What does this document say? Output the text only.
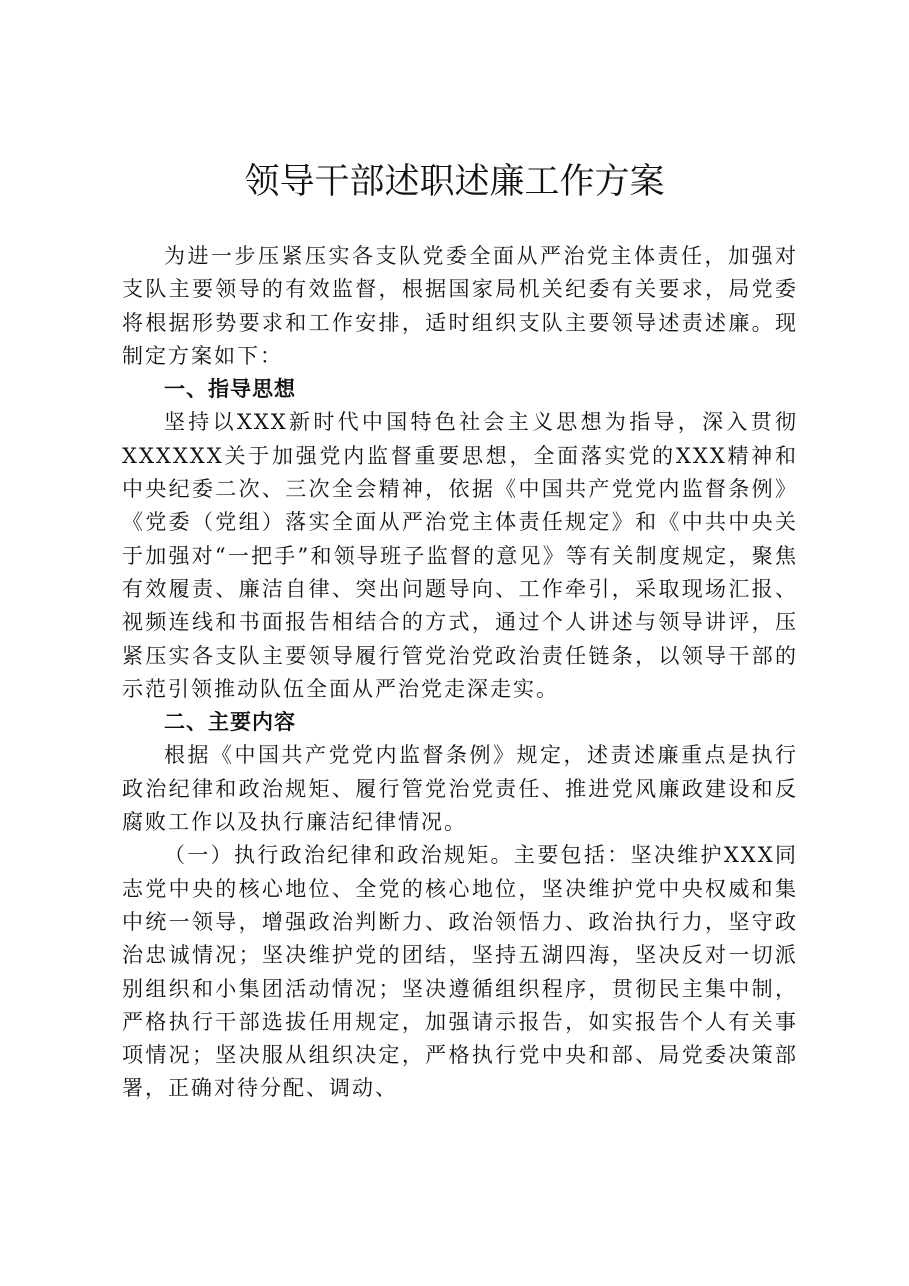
领导干部述职述廉工作方案

为进一步压紧压实各支队党委全面从严治党主体责任，加强对支队主要领导的有效监督，根据国家局机关纪委有关要求，局党委将根据形势要求和工作安排，适时组织支队主要领导述责述廉。现制定方案如下：

一、指导思想

坚持以XXX新时代中国特色社会主义思想为指导，深入贯彻XXXXXX关于加强党内监督重要思想，全面落实党的XXX精神和中央纪委二次、三次全会精神，依据《中国共产党党内监督条例》《党委（党组）落实全面从严治党主体责任规定》和《中共中央关于加强对“一把手”和领导班子监督的意见》等有关制度规定，聚焦有效履责、廉洁自律、突出问题导向、工作牵引，采取现场汇报、视频连线和书面报告相结合的方式，通过个人讲述与领导讲评，压紧压实各支队主要领导履行管党治党政治责任链条，以领导干部的示范引领推动队伍全面从严治党走深走实。

二、主要内容

根据《中国共产党党内监督条例》规定，述责述廉重点是执行政治纪律和政治规矩、履行管党治党责任、推进党风廉政建设和反腐败工作以及执行廉洁纪律情况。

（一）执行政治纪律和政治规矩。主要包括：坚决维护XXX同志党中央的核心地位、全党的核心地位，坚决维护党中央权威和集中统一领导，增强政治判断力、政治领悟力、政治执行力，坚守政治忠诚情况；坚决维护党的团结，坚持五湖四海，坚决反对一切派别组织和小集团活动情况；坚决遵循组织程序，贯彻民主集中制，严格执行干部选拔任用规定，加强请示报告，如实报告个人有关事项情况；坚决服从组织决定，严格执行党中央和部、局党委决策部署，正确对待分配、调动、
